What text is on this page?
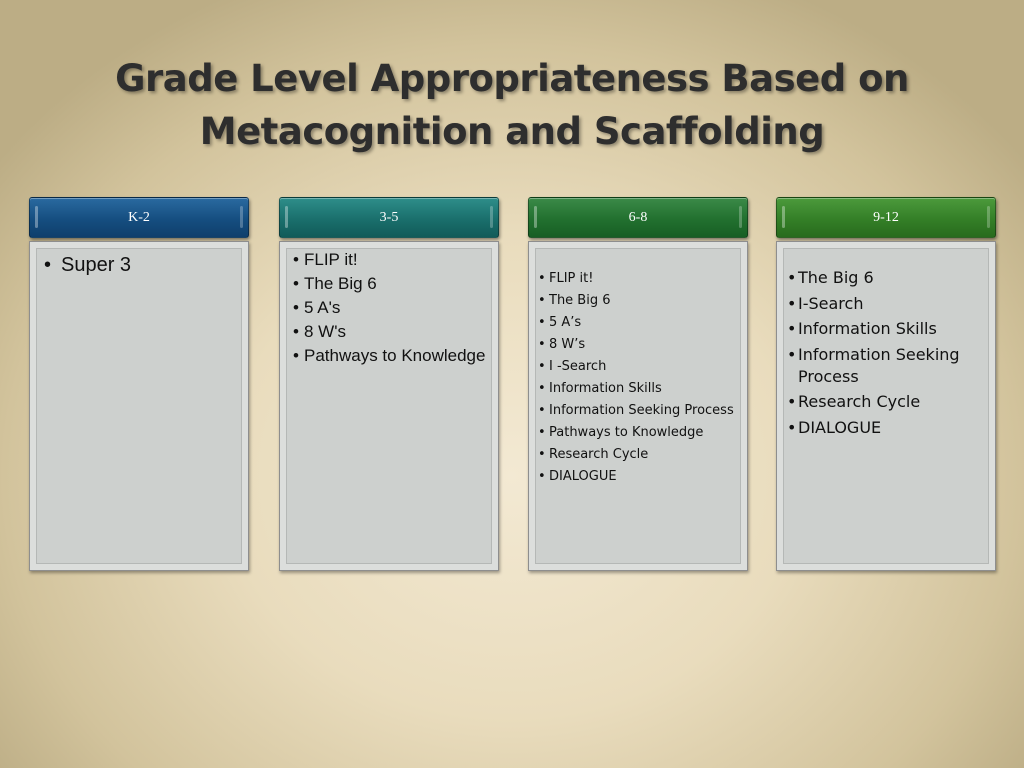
Grade Level Appropriateness Based on
Metacognition and Scaffolding
K-2
• Super 3
3-5
• FLIP it!
• The Big 6
• 5 A's
• 8 W's
• Pathways to Knowledge
6-8
• FLIP it!
• The Big 6
• 5 A’s
• 8 W’s
• I -Search
• Information Skills
• Information Seeking Process
• Pathways to Knowledge
• Research Cycle
• DIALOGUE
9-12
• The Big 6
• I-Search
• Information Skills
• Information Seeking Process
• Research Cycle
• DIALOGUE
